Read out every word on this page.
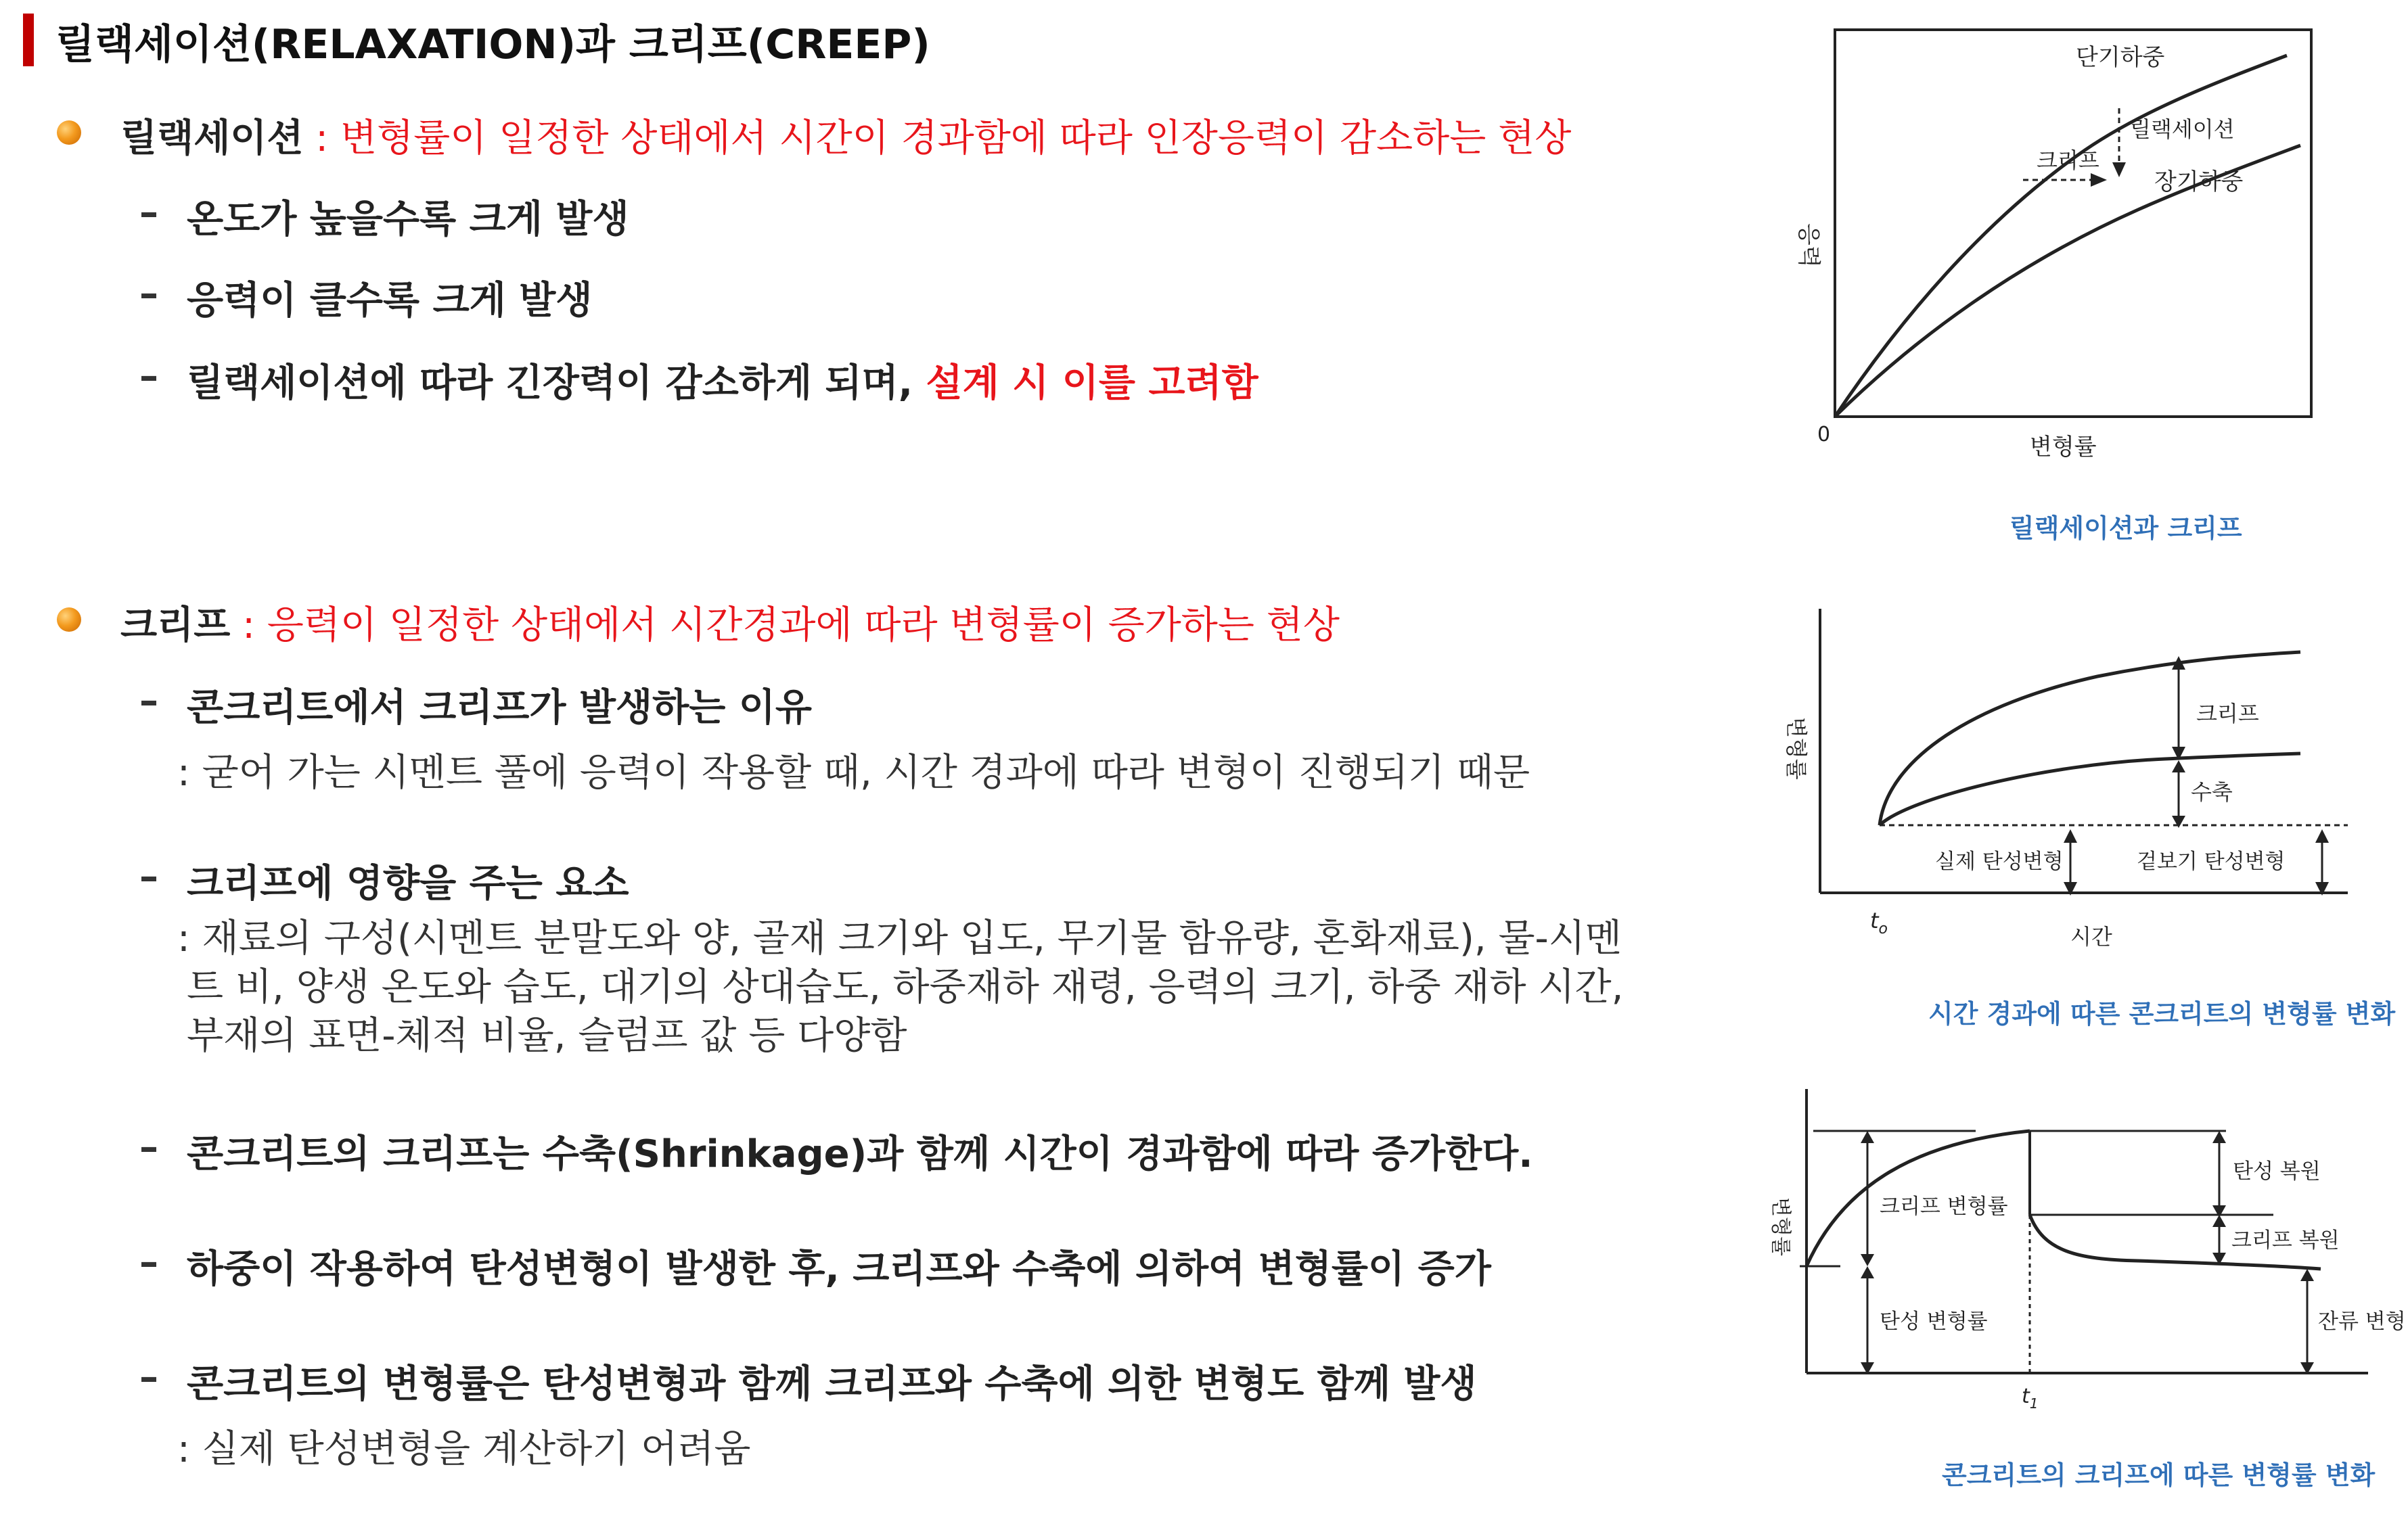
릴랙세이션(RELAXATION)과 크리프(CREEP)
릴랙세이션 : 변형률이 일정한 상태에서 시간이 경과함에 따라 인장응력이 감소하는 현상
– 온도가 높을수록 크게 발생
– 응력이 클수록 크게 발생
– 릴랙세이션에 따라 긴장력이 감소하게 되며, 설계 시 이를 고려함
크리프 : 응력이 일정한 상태에서 시간경과에 따라 변형률이 증가하는 현상
– 콘크리트에서 크리프가 발생하는 이유
: 굳어 가는 시멘트 풀에 응력이 작용할 때, 시간 경과에 따라 변형이 진행되기 때문
– 크리프에 영향을 주는 요소
: 재료의 구성(시멘트 분말도와 양, 골재 크기와 입도, 무기물 함유량, 혼화재료), 물-시멘
트 비, 양생 온도와 습도, 대기의 상대습도, 하중재하 재령, 응력의 크기, 하중 재하 시간,
부재의 표면-체적 비율, 슬럼프 값 등 다양함
– 콘크리트의 크리프는 수축(Shrinkage)과 함께 시간이 경과함에 따라 증가한다.
– 하중이 작용하여 탄성변형이 발생한 후, 크리프와 수축에 의하여 변형률이 증가
– 콘크리트의 변형률은 탄성변형과 함께 크리프와 수축에 의한 변형도 함께 발생
: 실제 탄성변형을 계산하기 어려움
단기하중
릴랙세이션
크리프
장기하중
응력
0	변형률
릴랙세이션과 크리프
크리프
수축
실제 탄성변형	겉보기 탄성변형
변형률
$t_o$	시간
시간 경과에 따른 콘크리트의 변형률 변화
탄성 복원
크리프 변형률
크리프 복원
탄성 변형률	잔류 변형
변형률
$t_1$
콘크리트의 크리프에 따른 변형률 변화
